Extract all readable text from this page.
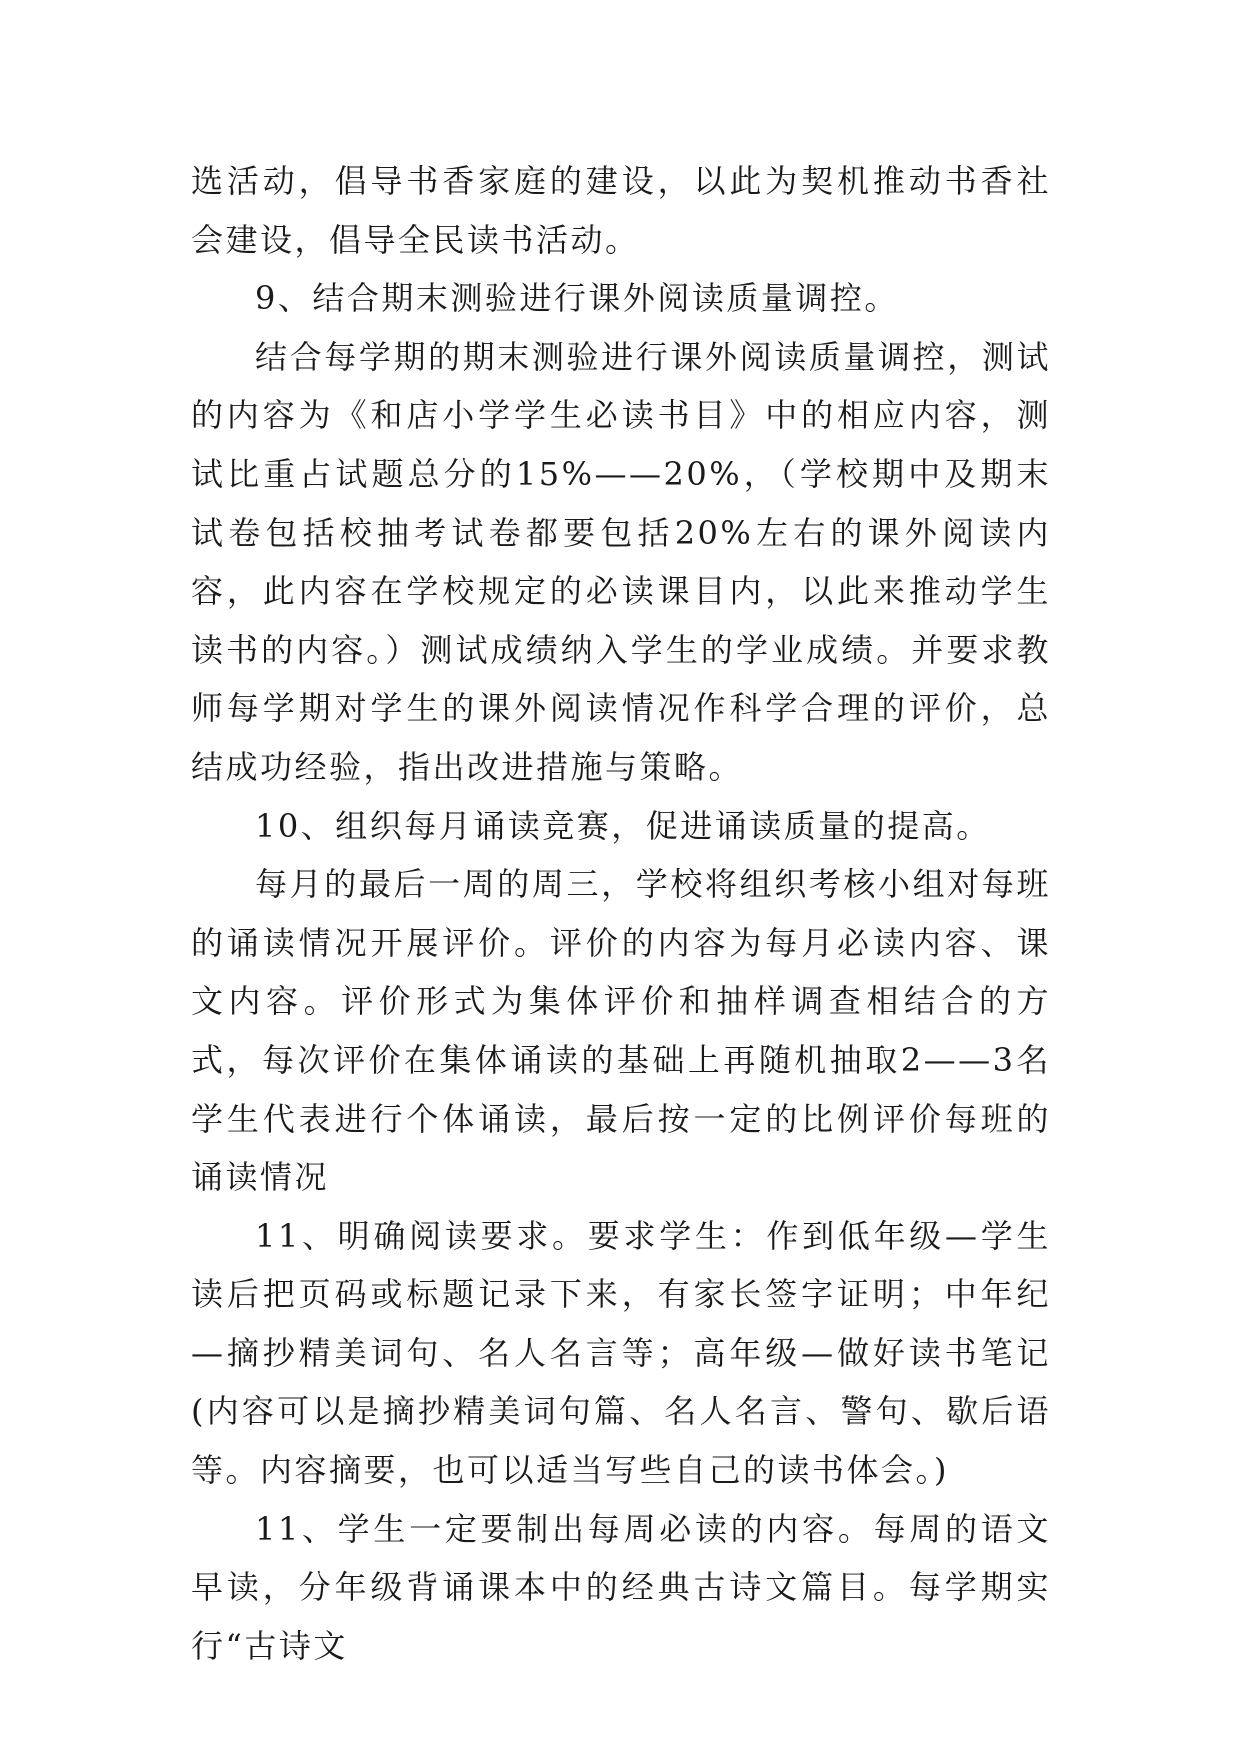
选活动，倡导书香家庭的建设，以此为契机推动书香社会建设，倡导全民读书活动。

9、结合期末测验进行课外阅读质量调控。

结合每学期的期末测验进行课外阅读质量调控，测试的内容为《和店小学学生必读书目》中的相应内容，测试比重占试题总分的15%——20%，（学校期中及期末试卷包括校抽考试卷都要包括20%左右的课外阅读内容，此内容在学校规定的必读课目内，以此来推动学生读书的内容。）测试成绩纳入学生的学业成绩。并要求教师每学期对学生的课外阅读情况作科学合理的评价，总结成功经验，指出改进措施与策略。

10、组织每月诵读竞赛，促进诵读质量的提高。

每月的最后一周的周三，学校将组织考核小组对每班的诵读情况开展评价。评价的内容为每月必读内容、课文内容。评价形式为集体评价和抽样调查相结合的方式，每次评价在集体诵读的基础上再随机抽取2——3名学生代表进行个体诵读，最后按一定的比例评价每班的诵读情况

11、明确阅读要求。要求学生：作到低年级—学生读后把页码或标题记录下来，有家长签字证明；中年纪—摘抄精美词句、名人名言等；高年级—做好读书笔记(内容可以是摘抄精美词句篇、名人名言、警句、歇后语等。内容摘要，也可以适当写些自己的读书体会。)

11、学生一定要制出每周必读的内容。每周的语文早读，分年级背诵课本中的经典古诗文篇目。每学期实行“古诗文
